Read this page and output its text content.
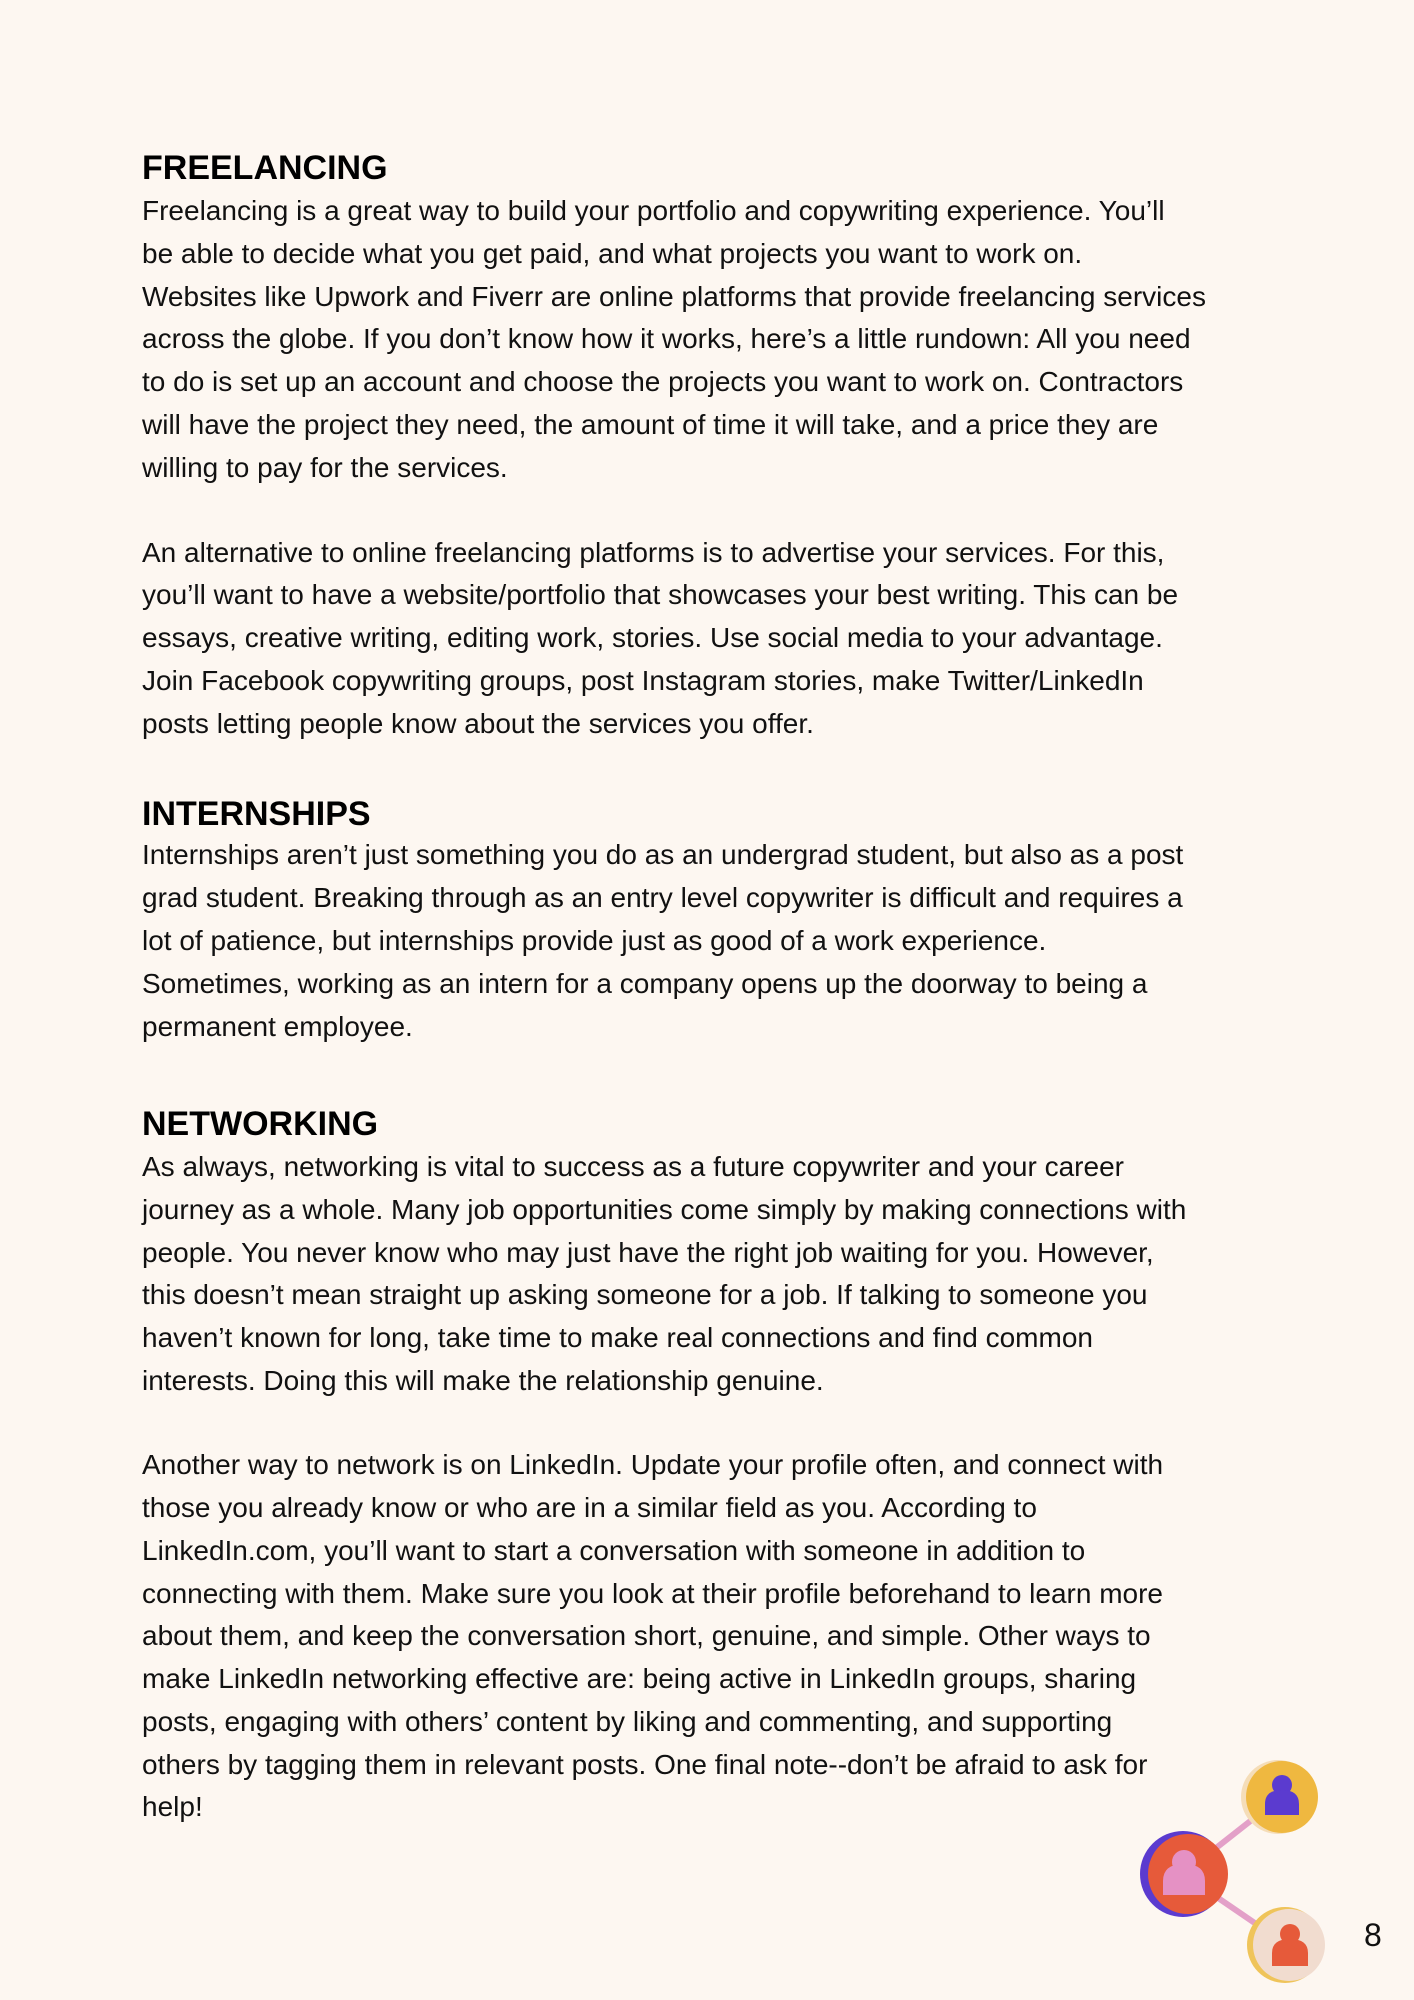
FREELANCING
Freelancing is a great way to build your portfolio and copywriting experience. You’ll
be able to decide what you get paid, and what projects you want to work on.
Websites like Upwork and Fiverr are online platforms that provide freelancing services
across the globe. If you don’t know how it works, here’s a little rundown: All you need
to do is set up an account and choose the projects you want to work on. Contractors
will have the project they need, the amount of time it will take, and a price they are
willing to pay for the services.
An alternative to online freelancing platforms is to advertise your services. For this,
you’ll want to have a website/portfolio that showcases your best writing. This can be
essays, creative writing, editing work, stories. Use social media to your advantage.
Join Facebook copywriting groups, post Instagram stories, make Twitter/LinkedIn
posts letting people know about the services you offer.
INTERNSHIPS
Internships aren’t just something you do as an undergrad student, but also as a post
grad student. Breaking through as an entry level copywriter is difficult and requires a
lot of patience, but internships provide just as good of a work experience.
Sometimes, working as an intern for a company opens up the doorway to being a
permanent employee.
NETWORKING
As always, networking is vital to success as a future copywriter and your career
journey as a whole. Many job opportunities come simply by making connections with
people. You never know who may just have the right job waiting for you. However,
this doesn’t mean straight up asking someone for a job. If talking to someone you
haven’t known for long, take time to make real connections and find common
interests. Doing this will make the relationship genuine.
Another way to network is on LinkedIn. Update your profile often, and connect with
those you already know or who are in a similar field as you. According to
LinkedIn.com, you’ll want to start a conversation with someone in addition to
connecting with them. Make sure you look at their profile beforehand to learn more
about them, and keep the conversation short, genuine, and simple. Other ways to
make LinkedIn networking effective are: being active in LinkedIn groups, sharing
posts, engaging with others’ content by liking and commenting, and supporting
others by tagging them in relevant posts. One final note--don’t be afraid to ask for
help!
8
